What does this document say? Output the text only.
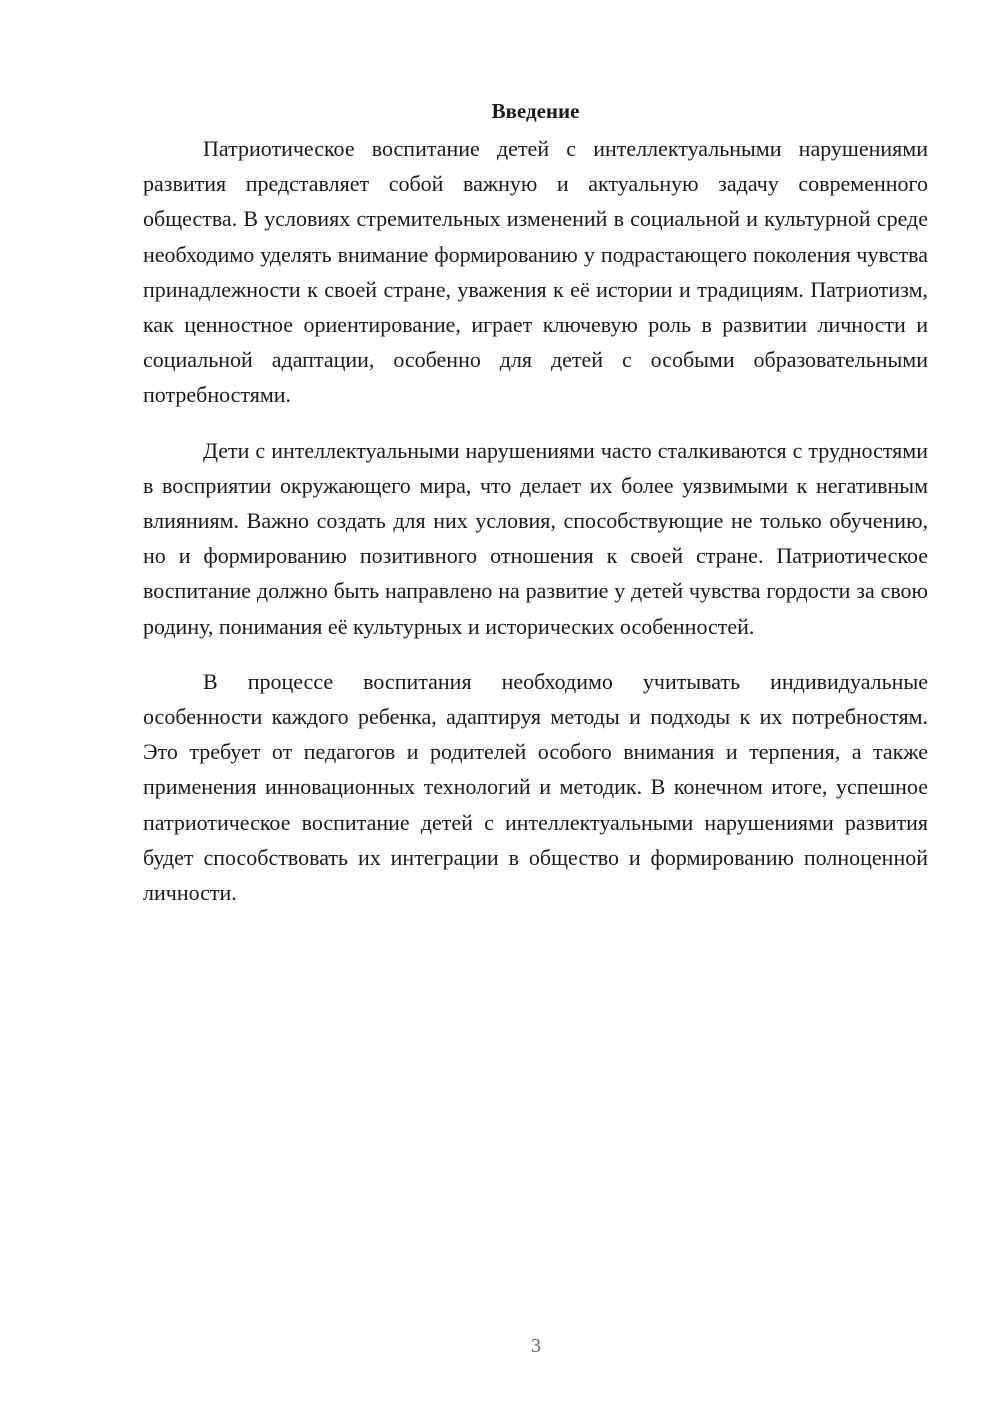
Введение

Патриотическое воспитание детей с интеллектуальными нарушениями развития представляет собой важную и актуальную задачу современного общества. В условиях стремительных изменений в социальной и культурной среде необходимо уделять внимание формированию у подрастающего поколения чувства принадлежности к своей стране, уважения к её истории и традициям. Патриотизм, как ценностное ориентирование, играет ключевую роль в развитии личности и социальной адаптации, особенно для детей с особыми образовательными потребностями.

Дети с интеллектуальными нарушениями часто сталкиваются с трудностями в восприятии окружающего мира, что делает их более уязвимыми к негативным влияниям. Важно создать для них условия, способствующие не только обучению, но и формированию позитивного отношения к своей стране. Патриотическое воспитание должно быть направлено на развитие у детей чувства гордости за свою родину, понимания её культурных и исторических особенностей.

В процессе воспитания необходимо учитывать индивидуальные особенности каждого ребенка, адаптируя методы и подходы к их потребностям. Это требует от педагогов и родителей особого внимания и терпения, а также применения инновационных технологий и методик. В конечном итоге, успешное патриотическое воспитание детей с интеллектуальными нарушениями развития будет способствовать их интеграции в общество и формированию полноценной личности.

3
